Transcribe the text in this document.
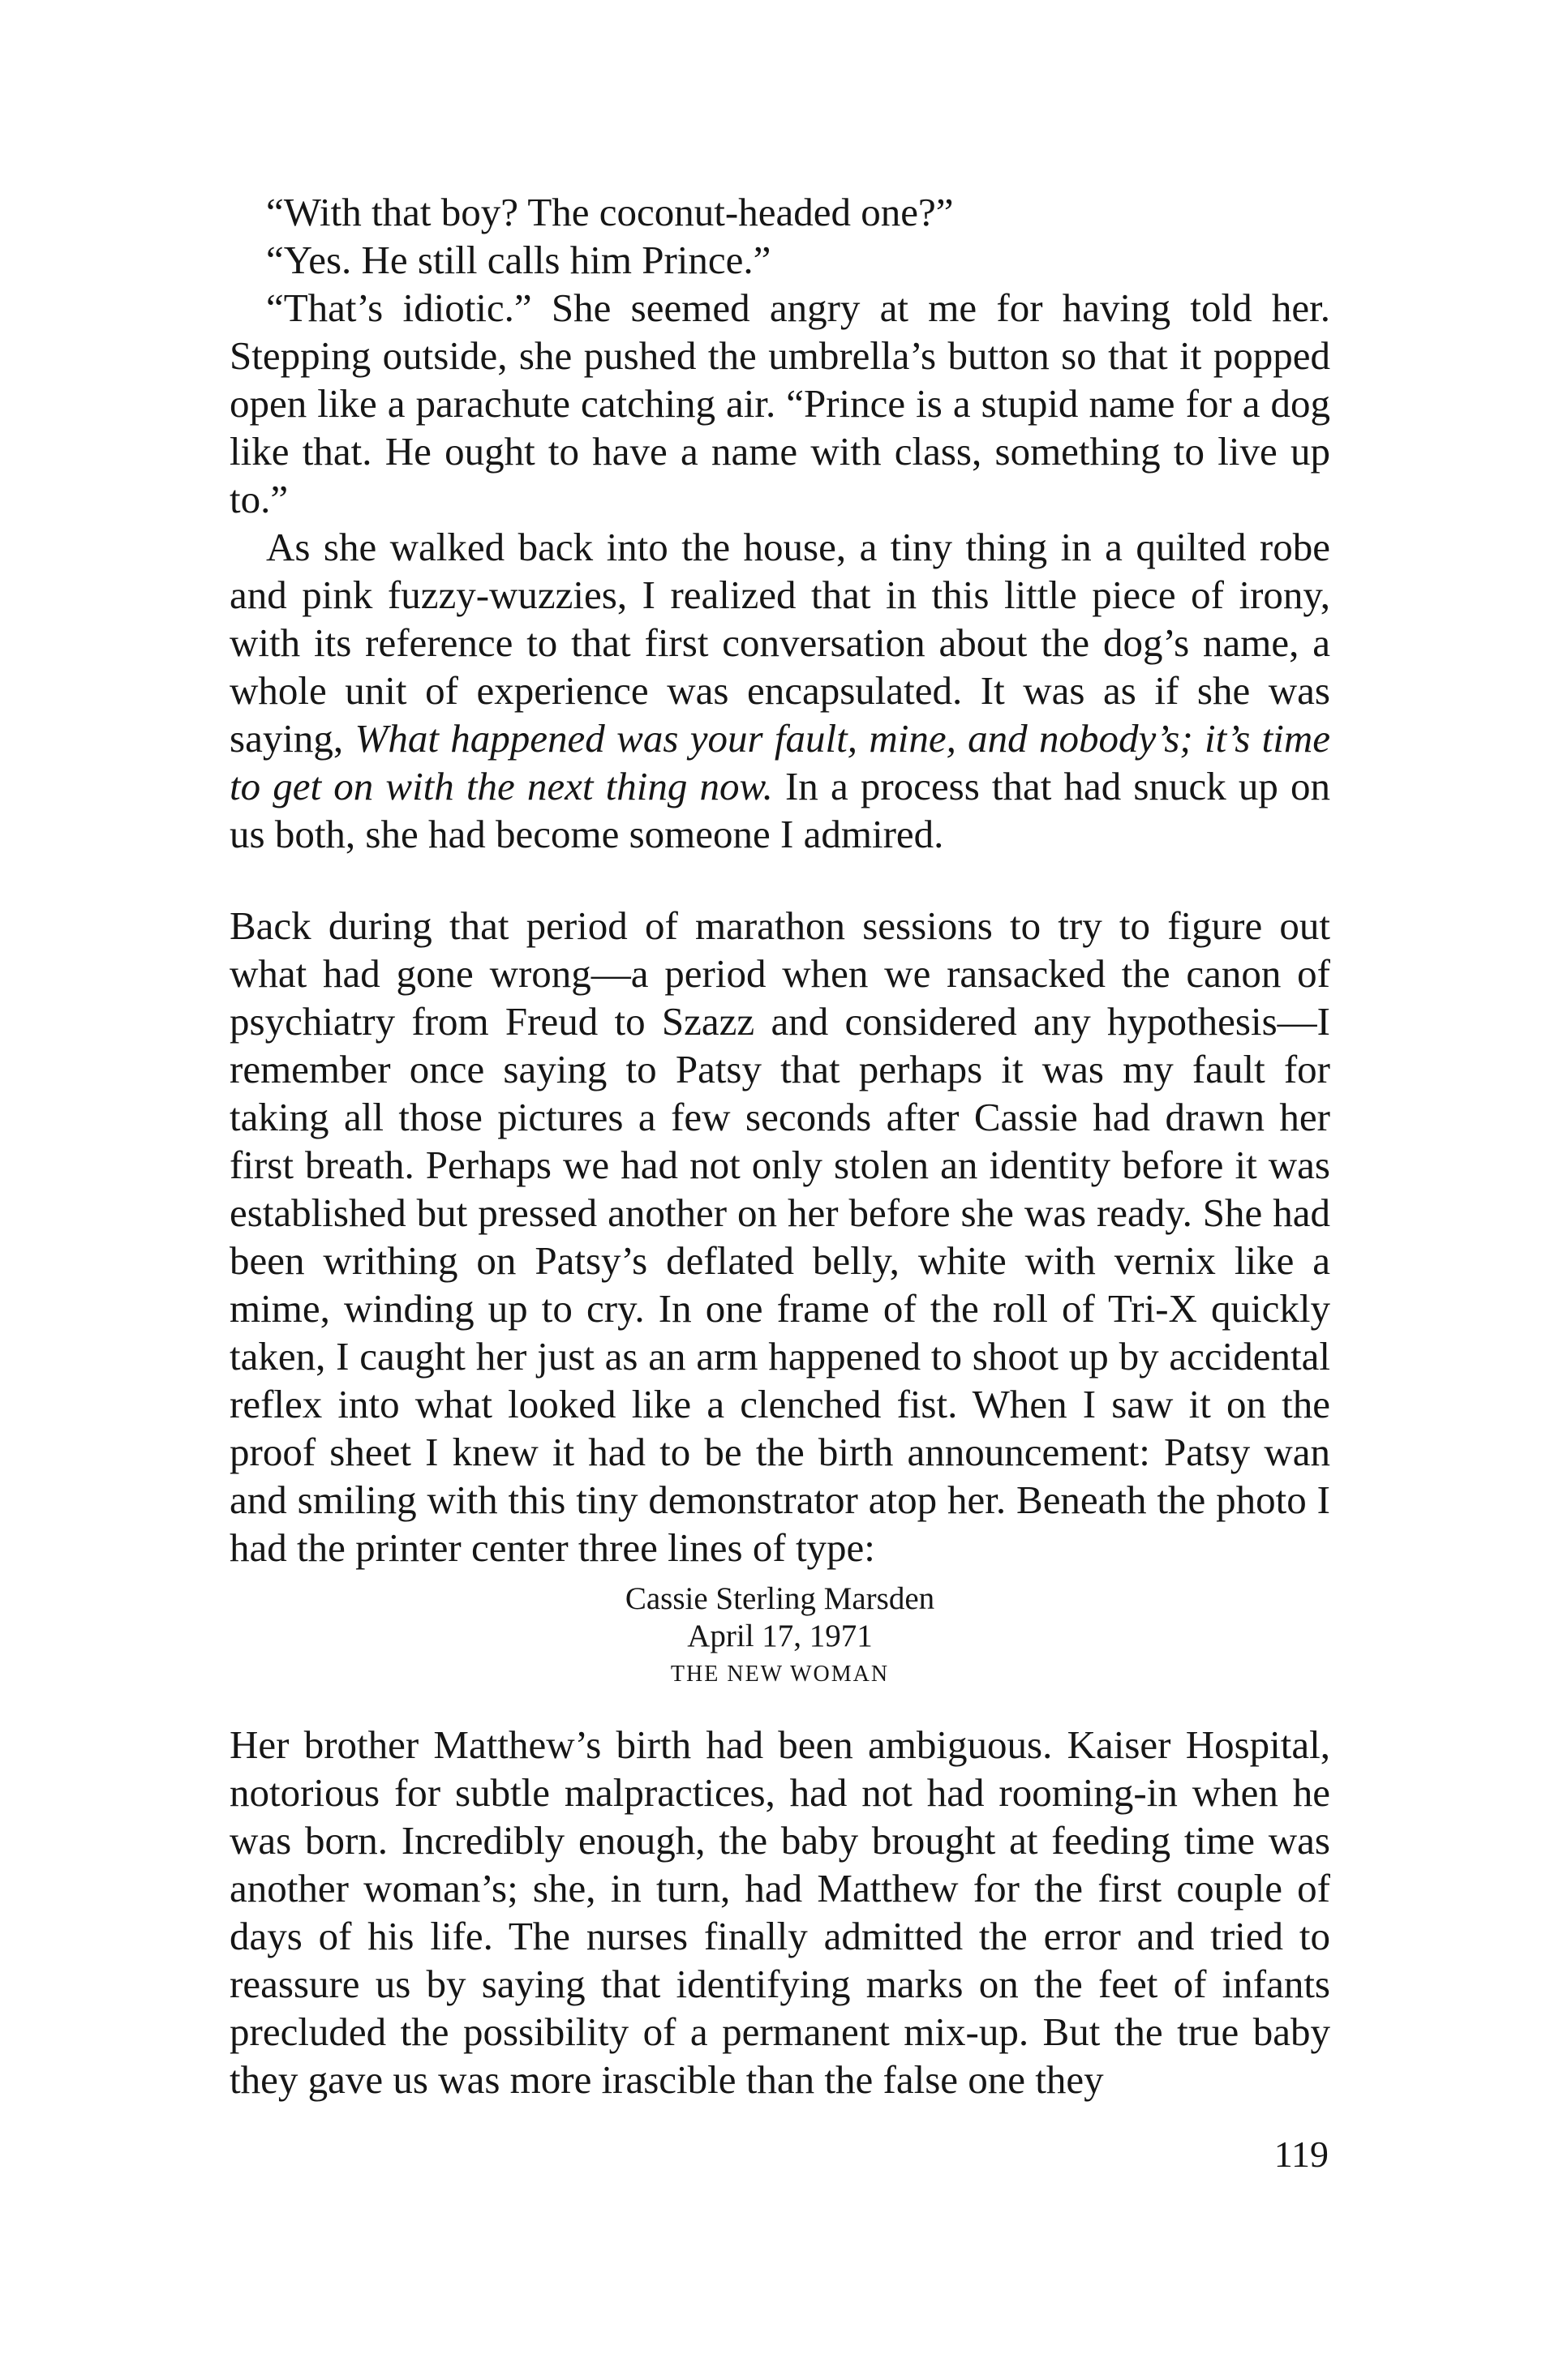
“With that boy? The coconut-headed one?”

“Yes. He still calls him Prince.”

“That’s idiotic.” She seemed angry at me for having told her. Stepping outside, she pushed the umbrella’s button so that it popped open like a parachute catching air. “Prince is a stupid name for a dog like that. He ought to have a name with class, something to live up to.”

As she walked back into the house, a tiny thing in a quilted robe and pink fuzzy-wuzzies, I realized that in this little piece of irony, with its reference to that first conversation about the dog’s name, a whole unit of experience was encapsulated. It was as if she was saying, What happened was your fault, mine, and nobody’s; it’s time to get on with the next thing now. In a process that had snuck up on us both, she had become someone I admired.

Back during that period of marathon sessions to try to figure out what had gone wrong—a period when we ransacked the canon of psychiatry from Freud to Szazz and considered any hypothesis—I remember once saying to Patsy that perhaps it was my fault for taking all those pictures a few seconds after Cassie had drawn her first breath. Perhaps we had not only stolen an identity before it was established but pressed another on her before she was ready. She had been writhing on Patsy’s deflated belly, white with vernix like a mime, winding up to cry. In one frame of the roll of Tri-X quickly taken, I caught her just as an arm happened to shoot up by accidental reflex into what looked like a clenched fist. When I saw it on the proof sheet I knew it had to be the birth announcement: Patsy wan and smiling with this tiny demonstrator atop her. Beneath the photo I had the printer center three lines of type:

Cassie Sterling Marsden
April 17, 1971
THE NEW WOMAN

Her brother Matthew’s birth had been ambiguous. Kaiser Hospital, notorious for subtle malpractices, had not had rooming-in when he was born. Incredibly enough, the baby brought at feeding time was another woman’s; she, in turn, had Matthew for the first couple of days of his life. The nurses finally admitted the error and tried to reassure us by saying that identifying marks on the feet of infants precluded the possibility of a permanent mix-up. But the true baby they gave us was more irascible than the false one they

119
